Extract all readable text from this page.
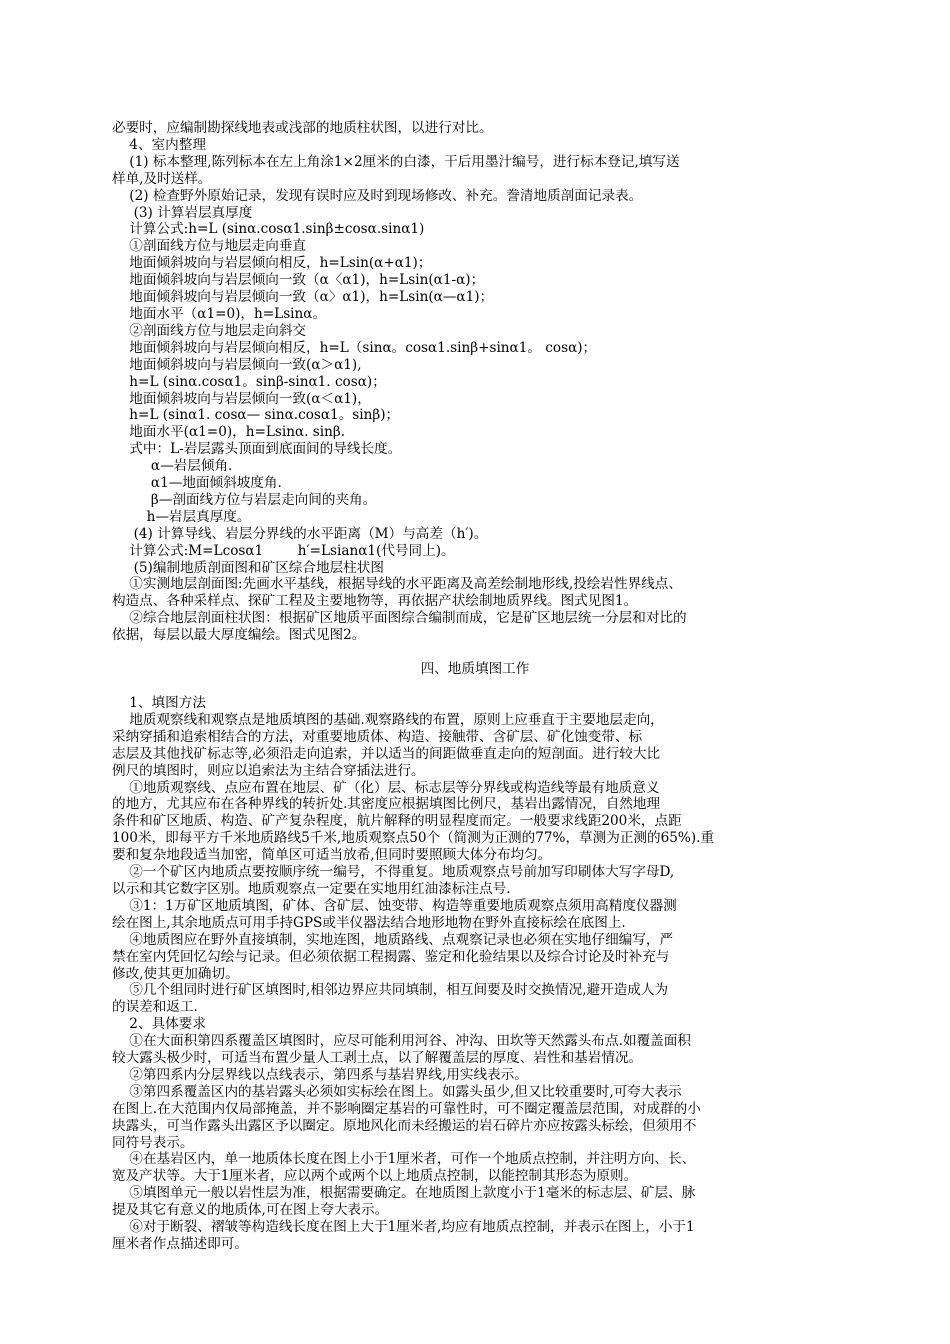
必要时，应编制勘探线地表或浅部的地质柱状图，以进行对比。
4、室内整理
(1) 标本整理,陈列标本在左上角涂1×2厘米的白漆，干后用墨汁编号，进行标本登记,填写送
样单,及时送样。
(2) 检查野外原始记录，发现有误时应及时到现场修改、补充。誊清地质剖面记录表。
(3) 计算岩层真厚度
计算公式:h=L (sinα.cosα1.sinβ±cosα.sinα1)
①剖面线方位与地层走向垂直
地面倾斜坡向与岩层倾向相反，h=Lsin(α+α1)；
地面倾斜坡向与岩层倾向一致（α〈α1)，h=Lsin(α1-α)；
地面倾斜坡向与岩层倾向一致（α〉α1)，h=Lsin(α—α1)；
地面水平（α1=0)，h=Lsinα。
②剖面线方位与地层走向斜交
地面倾斜坡向与岩层倾向相反，h=L（sinα。cosα1.sinβ+sinα1。 cosα)；
地面倾斜坡向与岩层倾向一致(α＞α1),
h=L (sinα.cosα1。sinβ-sinα1. cosα)；
地面倾斜坡向与岩层倾向一致(α＜α1)，
h=L (sinα1. cosα— sinα.cosα1。sinβ)；
地面水平(α1=0)，h=Lsinα. sinβ.
式中：L-岩层露头顶面到底面间的导线长度。
α—岩层倾角.
α1—地面倾斜坡度角.
β—剖面线方位与岩层走向间的夹角。
h—岩层真厚度。
(4) 计算导线、岩层分界线的水平距离（M）与高差（h′)。
计算公式:M=Lcosα1        h′=Lsianα1(代号同上)。
(5)编制地质剖面图和矿区综合地层柱状图
①实测地层剖面图:先画水平基线，根据导线的水平距离及高差绘制地形线,投绘岩性界线点、
构造点、各种采样点、探矿工程及主要地物等，再依据产状绘制地质界线。图式见图1。
②综合地层剖面柱状图：根据矿区地质平面图综合编制而成，它是矿区地层统一分层和对比的
依据，每层以最大厚度编绘。图式见图2。
四、地质填图工作
1、填图方法
地质观察线和观察点是地质填图的基础.观察路线的布置，原则上应垂直于主要地层走向，
采纳穿插和追索相结合的方法，对重要地质体、构造、接触带、含矿层、矿化蚀变带、标
志层及其他找矿标志等,必须沿走向追索，并以适当的间距做垂直走向的短剖面。进行较大比
例尺的填图时，则应以追索法为主结合穿插法进行。
①地质观察线、点应布置在地层、矿（化）层、标志层等分界线或构造线等最有地质意义
的地方，尤其应布在各种界线的转折处.其密度应根据填图比例尺，基岩出露情况，自然地理
条件和矿区地质、构造、矿产复杂程度，航片解释的明显程度而定。一般要求线距200米，点距
100米，即每平方千米地质路线5千米,地质观察点50个（简测为正测的77%，草测为正测的65%).重
要和复杂地段适当加密，简单区可适当放希,但同时要照顾大体分布均匀。
②一个矿区内地质点要按顺序统一编号，不得重复。地质观察点号前加写印刷体大写字母D,
以示和其它数字区别。地质观察点一定要在实地用红油漆标注点号.
③1：1万矿区地质填图，矿体、含矿层、蚀变带、构造等重要地质观察点须用高精度仪器测
绘在图上,其余地质点可用手持GPS或半仪器法结合地形地物在野外直接标绘在底图上.
④地质图应在野外直接填制，实地连图，地质路线、点观察记录也必须在实地仔细编写，严
禁在室内凭回忆勾绘与记录。但必须依据工程揭露、鉴定和化验结果以及综合讨论及时补充与
修改,使其更加确切。
⑤几个组同时进行矿区填图时,相邻边界应共同填制，相互间要及时交换情况,避开造成人为
的误差和返工.
2、具体要求
①在大面积第四系覆盖区填图时，应尽可能利用河谷、冲沟、田坎等天然露头布点.如覆盖面积
较大露头极少时，可适当布置少量人工剥土点，以了解覆盖层的厚度、岩性和基岩情况。
②第四系内分层界线以点线表示，第四系与基岩界线,用实线表示。
③第四系覆盖区内的基岩露头必须如实标绘在图上。如露头虽少,但又比较重要时,可夸大表示
在图上.在大范围内仅局部掩盖，并不影响圈定基岩的可靠性时，可不圈定覆盖层范围，对成群的小
块露头，可当作露头出露区予以圈定。原地风化而未经搬运的岩石碎片亦应按露头标绘，但须用不
同符号表示。
④在基岩区内，单一地质体长度在图上小于1厘米者，可作一个地质点控制，并注明方向、长、
宽及产状等。大于1厘米者，应以两个或两个以上地质点控制，以能控制其形态为原则。
⑤填图单元一般以岩性层为准，根据需要确定。在地质图上款度小于1毫米的标志层、矿层、脉
提及其它有意义的地质体,可在图上夸大表示。
⑥对于断裂、褶皱等构造线长度在图上大于1厘米者,均应有地质点控制，并表示在图上，小于1
厘米者作点描述即可。
